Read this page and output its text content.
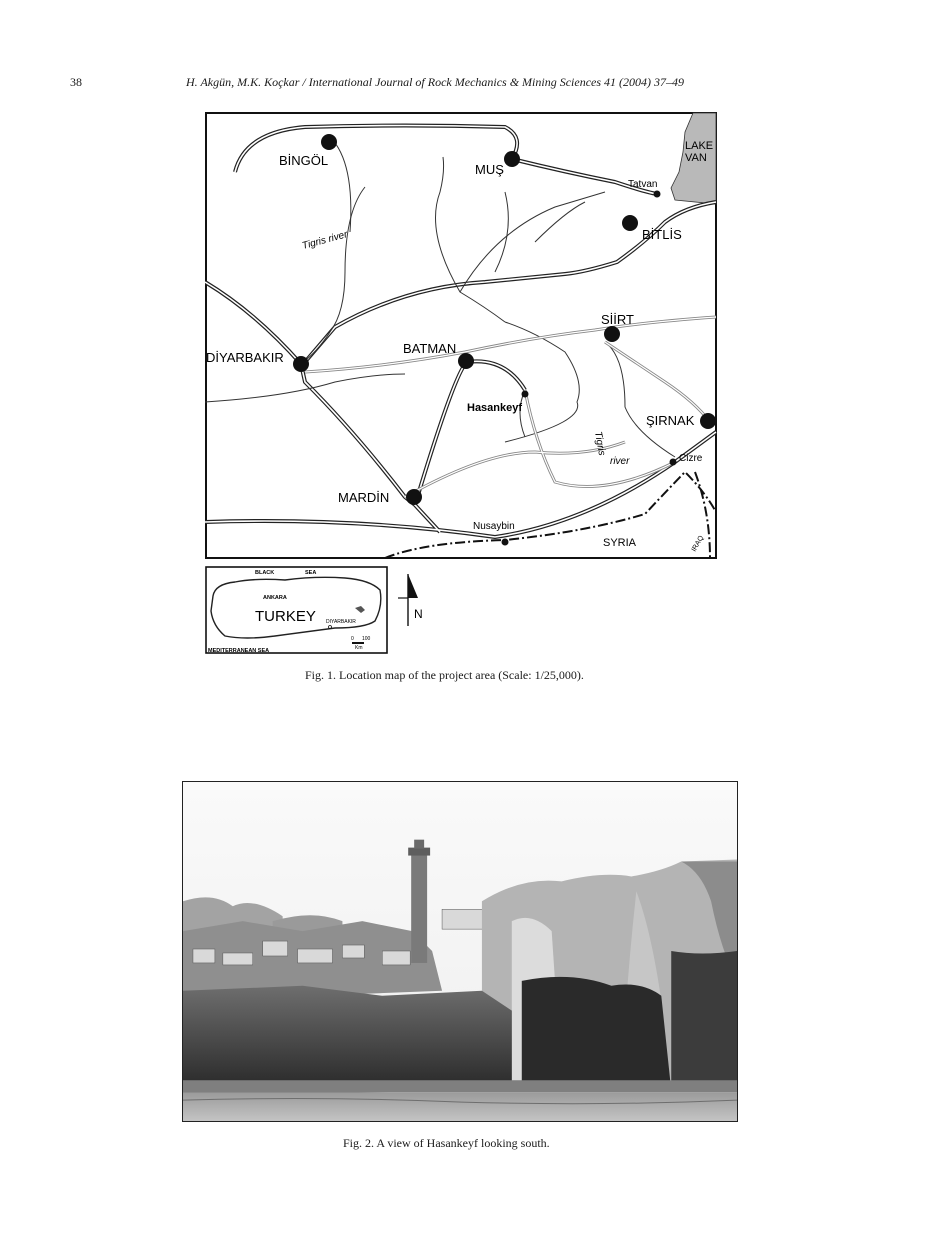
38	H. Akgün, M.K. Koçkar / International Journal of Rock Mechanics & Mining Sciences 41 (2004) 37–49
BİNGÖL
MUŞ
LAKE
VAN
Tatvan
BİTLİS
Tigris river
SİİRT
BATMAN
DİYARBAKIR
Hasankeyf
ŞIRNAK
Tigris
river	Cizre
MARDİN
Nusaybin
SYRIA	IRAQ
BLACK	SEA
ANKARA
TURKEY DIYARBAKIR
0 100
Km
MEDITERRANEAN SEA
N
Fig. 1. Location map of the project area (Scale: 1/25,000).
Fig. 2. A view of Hasankeyf looking south.
